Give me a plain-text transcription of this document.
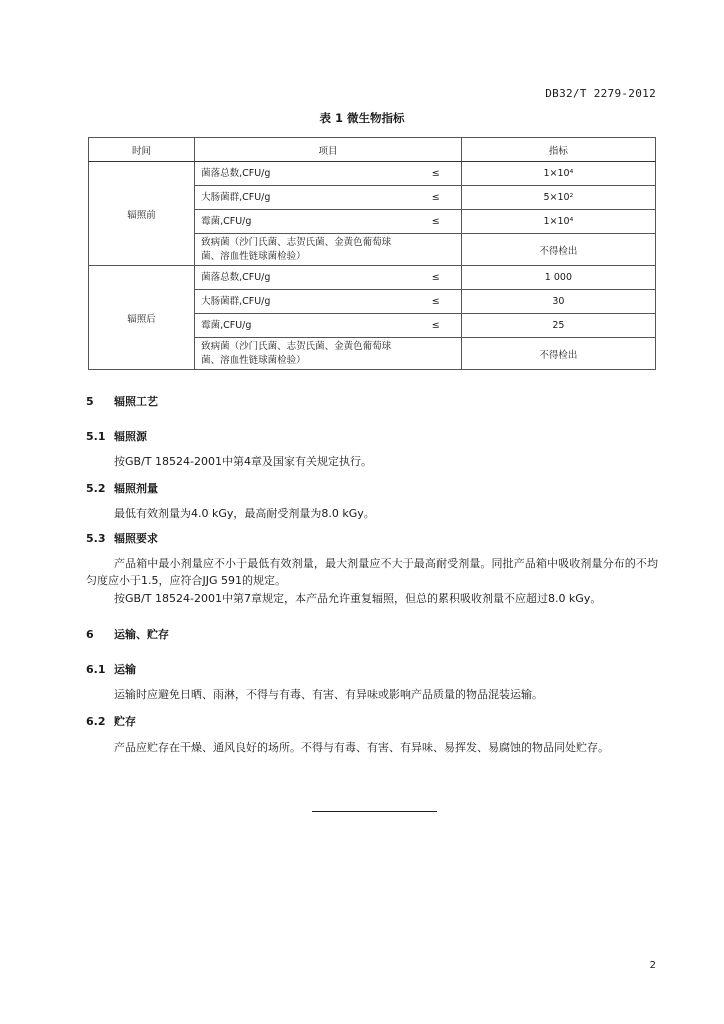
DB32/T 2279-2012
表 1 微生物指标
时间	项目		指标
辐照前	菌落总数,CFU/g	≤	1×10⁴
	大肠菌群,CFU/g	≤	5×10²
	霉菌,CFU/g	≤	1×10⁴
	致病菌（沙门氏菌、志贺氏菌、金黄色葡萄球菌、溶血性链球菌检验）		不得检出
辐照后	菌落总数,CFU/g	≤	1 000
	大肠菌群,CFU/g	≤	30
	霉菌,CFU/g	≤	25
	致病菌（沙门氏菌、志贺氏菌、金黄色葡萄球菌、溶血性链球菌检验）		不得检出
5 辐照工艺
5.1 辐照源
按GB/T 18524-2001中第4章及国家有关规定执行。
5.2 辐照剂量
最低有效剂量为4.0 kGy，最高耐受剂量为8.0 kGy。
5.3 辐照要求
产品箱中最小剂量应不小于最低有效剂量，最大剂量应不大于最高耐受剂量。同批产品箱中吸收剂量分布的不均匀度应小于1.5，应符合JJG 591的规定。
按GB/T 18524-2001中第7章规定，本产品允许重复辐照，但总的累积吸收剂量不应超过8.0 kGy。
6 运输、贮存
6.1 运输
运输时应避免日晒、雨淋，不得与有毒、有害、有异味或影响产品质量的物品混装运输。
6.2 贮存
产品应贮存在干燥、通风良好的场所。不得与有毒、有害、有异味、易挥发、易腐蚀的物品同处贮存。
2
